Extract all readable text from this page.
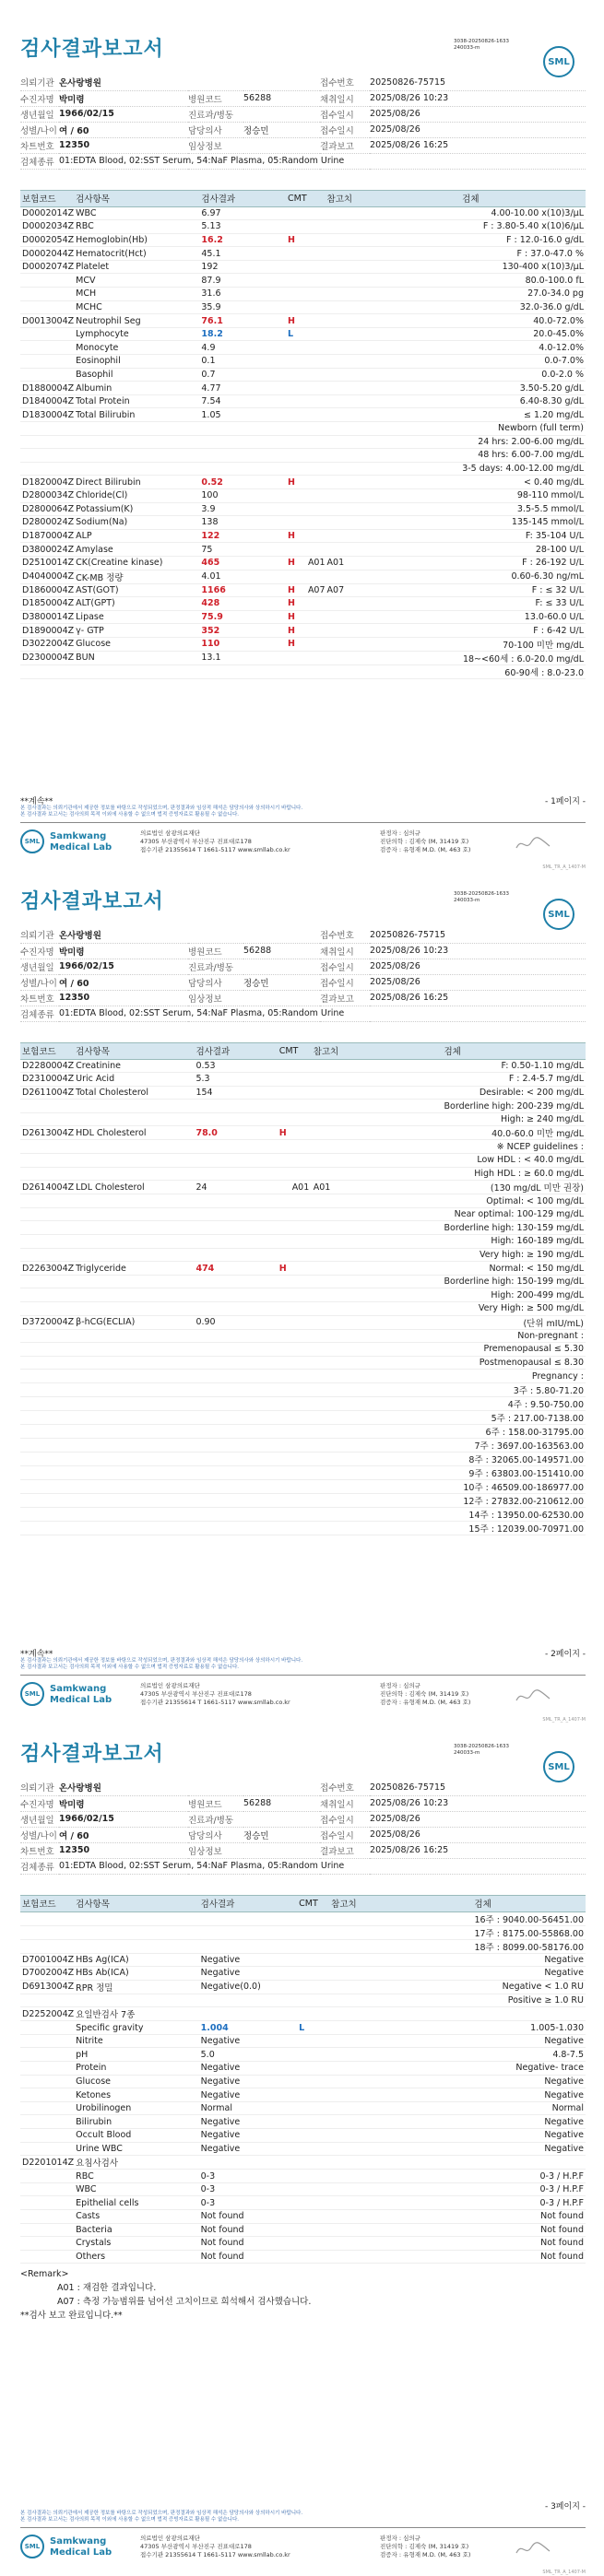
3038-20250826-1633
240033-m
SML
검사결과보고서
의뢰기관	온사랑병원			접수번호	20250826-75715
수진자명	박미령	병원코드	56288	채취일시	2025/08/26 10:23
생년월일	1966/02/15	진료과/병동		접수일시	2025/08/26
성별/나이	여 / 60	담당의사	정승민	접수일시	2025/08/26
차트번호	12350	임상정보		결과보고	2025/08/26 16:25
검체종류	01:EDTA Blood, 02:SST Serum, 54:NaF Plasma, 05:Random Urine				
보험코드	검사항목	검사결과	CMT	참고치	검체
D0002014Z	WBC	6.97			4.00-10.00 x(10)3/μL
D0002034Z	RBC	5.13			F : 3.80-5.40 x(10)6/μL
D0002054Z	Hemoglobin(Hb)	16.2	H		F : 12.0-16.0 g/dL
D0002044Z	Hematocrit(Hct)	45.1			F : 37.0-47.0 %
D0002074Z	Platelet	192			130-400 x(10)3/μL
	MCV	87.9			80.0-100.0 fL
	MCH	31.6			27.0-34.0 pg
	MCHC	35.9			32.0-36.0 g/dL
D0013004Z	Neutrophil Seg	76.1	H		40.0-72.0%
	Lymphocyte	18.2	L		20.0-45.0%
	Monocyte	4.9			4.0-12.0%
	Eosinophil	0.1			0.0-7.0%
	Basophil	0.7			0.0-2.0 %
D1880004Z	Albumin	4.77			3.50-5.20 g/dL
D1840004Z	Total Protein	7.54			6.40-8.30 g/dL
D1830004Z	Total Bilirubin	1.05			≤ 1.20 mg/dL
					Newborn (full term)
					24 hrs: 2.00-6.00 mg/dL
					48 hrs: 6.00-7.00 mg/dL
					3-5 days: 4.00-12.00 mg/dL
D1820004Z	Direct Bilirubin	0.52	H		< 0.40 mg/dL
D2800034Z	Chloride(Cl)	100			98-110 mmol/L
D2800064Z	Potassium(K)	3.9			3.5-5.5 mmol/L
D2800024Z	Sodium(Na)	138			135-145 mmol/L
D1870004Z	ALP	122	H		F: 35-104 U/L
D3800024Z	Amylase	75			28-100 U/L
D2510014Z	CK(Creatine kinase)	465	H A01	A01	F : 26-192 U/L
D4040004Z	CK-MB 정량	4.01			0.60-6.30 ng/mL
D1860004Z	AST(GOT)	1166	H A07	A07	F : ≤ 32 U/L
D1850004Z	ALT(GPT)	428	H		F: ≤ 33 U/L
D3800014Z	Lipase	75.9	H		13.0-60.0 U/L
D1890004Z	γ- GTP	352	H		F : 6-42 U/L
D3022004Z	Glucose	110	H		70-100 미만 mg/dL
D2300004Z	BUN	13.1			18~<60세 : 6.0-20.0 mg/dL
					60-90세 : 8.0-23.0
**계속**	- 1페이지 -
본 검사결과는 의뢰기관에서 제공한 정보를 바탕으로 작성되었으며, 판정결과와 임상적 해석은 담당의사와 상의하시기 바랍니다.
본 검사결과 보고서는 검사의뢰 목적 이외에 사용할 수 없으며 법적 증빙자료로 활용될 수 없습니다.
SML	Samkwang
Medical Lab
의료법인 삼광의료재단
47305 부산광역시 부산진구 진표대로178
접수기관 21355614 T 1661-5117 www.smllab.co.kr
판정자 : 심의규
진단의학 : 김제숙 (M, 31419 호)
검증자 : 유형재 M.D. (M, 463 호)
SML_TR_A_1407-M
3038-20250826-1633
240033-m
SML
검사결과보고서
의뢰기관	온사랑병원			접수번호	20250826-75715
수진자명	박미령	병원코드	56288	채취일시	2025/08/26 10:23
생년월일	1966/02/15	진료과/병동		접수일시	2025/08/26
성별/나이	여 / 60	담당의사	정승민	접수일시	2025/08/26
차트번호	12350	임상정보		결과보고	2025/08/26 16:25
검체종류	01:EDTA Blood, 02:SST Serum, 54:NaF Plasma, 05:Random Urine				
보험코드	검사항목	검사결과	CMT	참고치	검체
D2280004Z	Creatinine	0.53			F: 0.50-1.10 mg/dL
D2310004Z	Uric Acid	5.3			F : 2.4-5.7 mg/dL
D2611004Z	Total Cholesterol	154			Desirable: < 200 mg/dL
					Borderline high: 200-239 mg/dL
					High: ≥ 240 mg/dL
D2613004Z	HDL Cholesterol	78.0	H		40.0-60.0 미만 mg/dL
					※ NCEP guidelines :
					Low HDL : < 40.0 mg/dL
					High HDL : ≥ 60.0 mg/dL
D2614004Z	LDL Cholesterol	24	A01	A01	(130 mg/dL 미만 권장)
					Optimal: < 100 mg/dL
					Near optimal: 100-129 mg/dL
					Borderline high: 130-159 mg/dL
					High: 160-189 mg/dL
					Very high: ≥ 190 mg/dL
D2263004Z	Triglyceride	474	H		Normal: < 150 mg/dL
					Borderline high: 150-199 mg/dL
					High: 200-499 mg/dL
					Very High: ≥ 500 mg/dL
D3720004Z	β-hCG(ECLIA)	0.90			(단위 mIU/mL)
					Non-pregnant :
					Premenopausal ≤ 5.30
					Postmenopausal ≤ 8.30
					Pregnancy :
					3주 : 5.80-71.20
					4주 : 9.50-750.00
					5주 : 217.00-7138.00
					6주 : 158.00-31795.00
					7주 : 3697.00-163563.00
					8주 : 32065.00-149571.00
					9주 : 63803.00-151410.00
					10주 : 46509.00-186977.00
					12주 : 27832.00-210612.00
					14주 : 13950.00-62530.00
					15주 : 12039.00-70971.00
**계속**	- 2페이지 -
본 검사결과는 의뢰기관에서 제공한 정보를 바탕으로 작성되었으며, 판정결과와 임상적 해석은 담당의사와 상의하시기 바랍니다.
본 검사결과 보고서는 검사의뢰 목적 이외에 사용할 수 없으며 법적 증빙자료로 활용될 수 없습니다.
SML	Samkwang
Medical Lab
의료법인 삼광의료재단
47305 부산광역시 부산진구 진표대로178
접수기관 21355614 T 1661-5117 www.smllab.co.kr
판정자 : 심의규
진단의학 : 김제숙 (M, 31419 호)
검증자 : 유형재 M.D. (M, 463 호)
SML_TR_A_1407-M
3038-20250826-1633
240033-m
SML
검사결과보고서
의뢰기관	온사랑병원			접수번호	20250826-75715
수진자명	박미령	병원코드	56288	채취일시	2025/08/26 10:23
생년월일	1966/02/15	진료과/병동		접수일시	2025/08/26
성별/나이	여 / 60	담당의사	정승민	접수일시	2025/08/26
차트번호	12350	임상정보		결과보고	2025/08/26 16:25
검체종류	01:EDTA Blood, 02:SST Serum, 54:NaF Plasma, 05:Random Urine				
보험코드	검사항목	검사결과	CMT	참고치	검체
					16주 : 9040.00-56451.00
					17주 : 8175.00-55868.00
					18주 : 8099.00-58176.00
D7001004Z	HBs Ag(ICA)	Negative			Negative
D7002004Z	HBs Ab(ICA)	Negative			Negative
D6913004Z	RPR 정밀	Negative(0.0)			Negative < 1.0 RU
					Positive ≥ 1.0 RU
D2252004Z	요일반검사 7종				
	Specific gravity	1.004	L		1.005-1.030
	Nitrite	Negative			Negative
	pH	5.0			4.8-7.5
	Protein	Negative			Negative- trace
	Glucose	Negative			Negative
	Ketones	Negative			Negative
	Urobilinogen	Normal			Normal
	Bilirubin	Negative			Negative
	Occult Blood	Negative			Negative
	Urine WBC	Negative			Negative
D2201014Z	요침사검사				
	RBC	0-3			0-3 / H.P.F
	WBC	0-3			0-3 / H.P.F
	Epithelial cells	0-3			0-3 / H.P.F
	Casts	Not found			Not found
	Bacteria	Not found			Not found
	Crystals	Not found			Not found
	Others	Not found			Not found
<Remark>
A01 : 재검한 결과입니다.
A07 : 측정 가능범위를 넘어선 고치이므로 희석해서 검사했습니다.
**검사 보고 완료입니다.**
- 3페이지 -
본 검사결과는 의뢰기관에서 제공한 정보를 바탕으로 작성되었으며, 판정결과와 임상적 해석은 담당의사와 상의하시기 바랍니다.
본 검사결과 보고서는 검사의뢰 목적 이외에 사용할 수 없으며 법적 증빙자료로 활용될 수 없습니다.
SML	Samkwang
Medical Lab
의료법인 삼광의료재단
47305 부산광역시 부산진구 진표대로178
접수기관 21355614 T 1661-5117 www.smllab.co.kr
판정자 : 심의규
진단의학 : 김제숙 (M, 31419 호)
검증자 : 유형재 M.D. (M, 463 호)
SML_TR_A_1407-M
